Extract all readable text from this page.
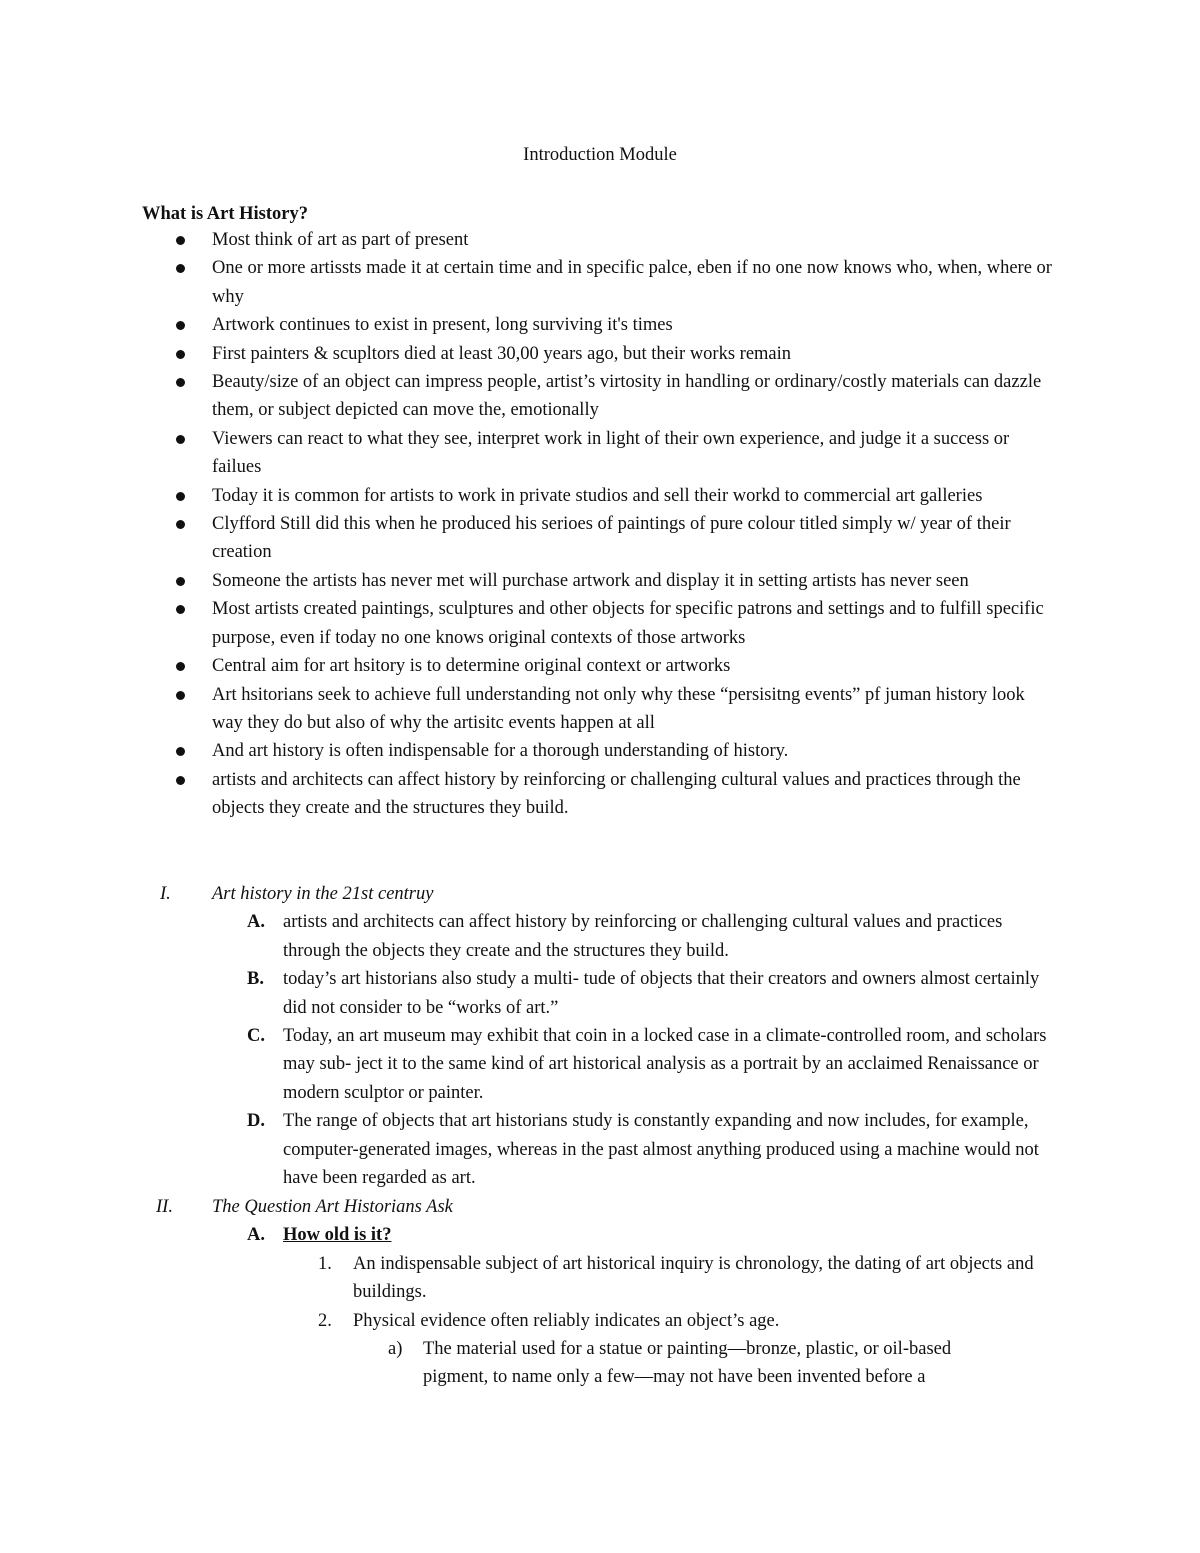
Introduction Module
What is Art History?
Most think of art as part of present
One or more artissts made it at certain time and in specific palce, eben if no one now knows who, when, where or why
Artwork continues to exist in present, long surviving it's times
First painters & scupltors died at least 30,00 years ago, but their works remain
Beauty/size of an object can impress people, artist’s virtosity in handling or ordinary/costly materials can dazzle them, or subject depicted can move the, emotionally
Viewers can react to what they see, interpret work in light of their own experience, and judge it a success or failues
Today it is common for artists to work in private studios and sell their workd to commercial art galleries
Clyfford Still did this when he produced his serioes of paintings of pure colour titled simply w/ year of their creation
Someone the artists has never met will purchase artwork and display it in setting artists has never seen
Most artists created paintings, sculptures and other objects for specific patrons and settings and to fulfill specific purpose, even if today no one knows original contexts of those artworks
Central aim for art hsitory is to determine original context or artworks
Art hsitorians seek to achieve full understanding not only why these “persisitng events” pf juman history look way they do but also of why the artisitc events happen at all
And art history is often indispensable for a thorough understanding of history.
artists and architects can affect history by reinforcing or challenging cultural values and practices through the objects they create and the structures they build.
I. Art history in the 21st centruy
A. artists and architects can affect history by reinforcing or challenging cultural values and practices through the objects they create and the structures they build.
B. today’s art historians also study a multi- tude of objects that their creators and owners almost certainly did not consider to be “works of art.”
C. Today, an art museum may exhibit that coin in a locked case in a climate-controlled room, and scholars may sub- ject it to the same kind of art historical analysis as a portrait by an acclaimed Renaissance or modern sculptor or painter.
D. The range of objects that art historians study is constantly expanding and now includes, for example, computer-generated images, whereas in the past almost anything produced using a machine would not have been regarded as art.
II. The Question Art Historians Ask
A. How old is it?
1. An indispensable subject of art historical inquiry is chronology, the dating of art objects and buildings.
2. Physical evidence often reliably indicates an object’s age.
a) The material used for a statue or painting—bronze, plastic, or oil-based pigment, to name only a few—may not have been invented before a
